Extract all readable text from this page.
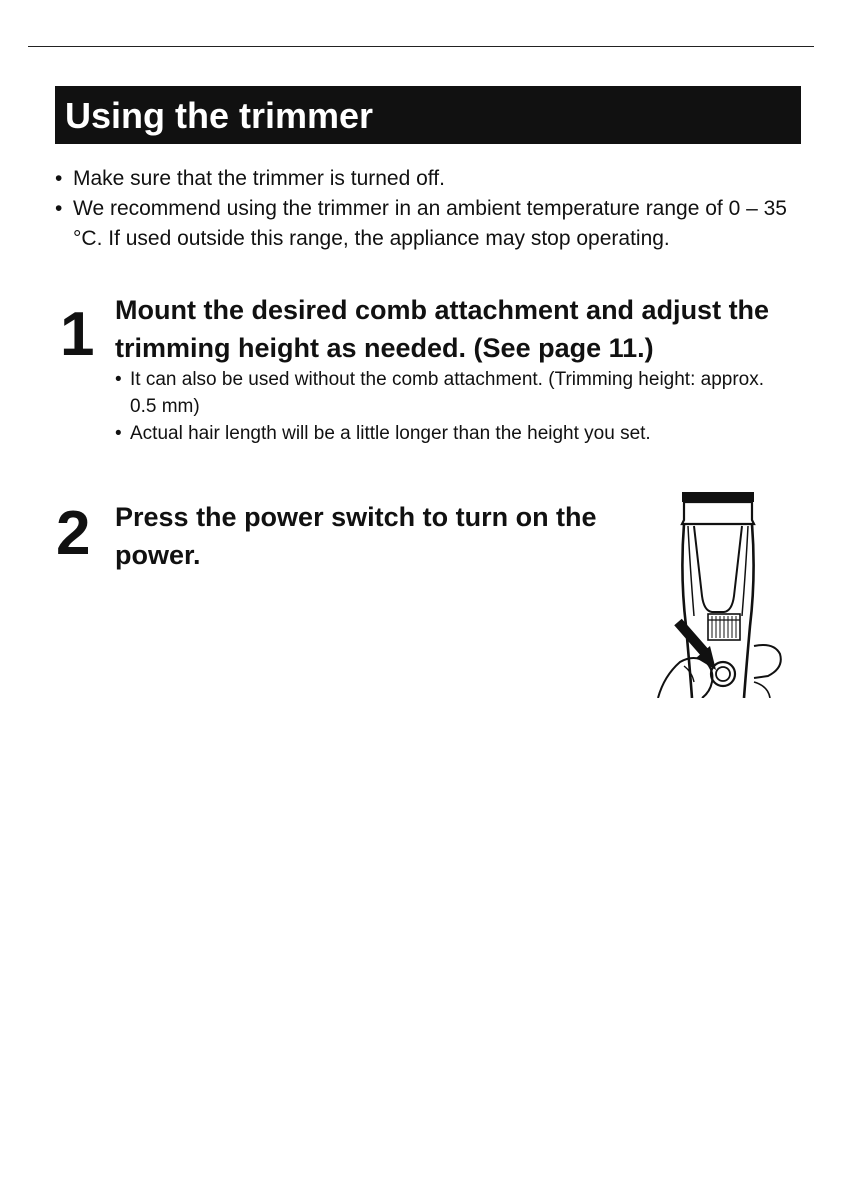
Using the trimmer
• Make sure that the trimmer is turned off.
• We recommend using the trimmer in an ambient temperature range of 0 – 35 °C. If used outside this range, the appliance may stop operating.
1 Mount the desired comb attachment and adjust the trimming height as needed. (See page 11.)

• It can also be used without the comb attachment. (Trimming height: approx. 0.5 mm)
• Actual hair length will be a little longer than the height you set.
2 Press the power switch to turn on the power.
